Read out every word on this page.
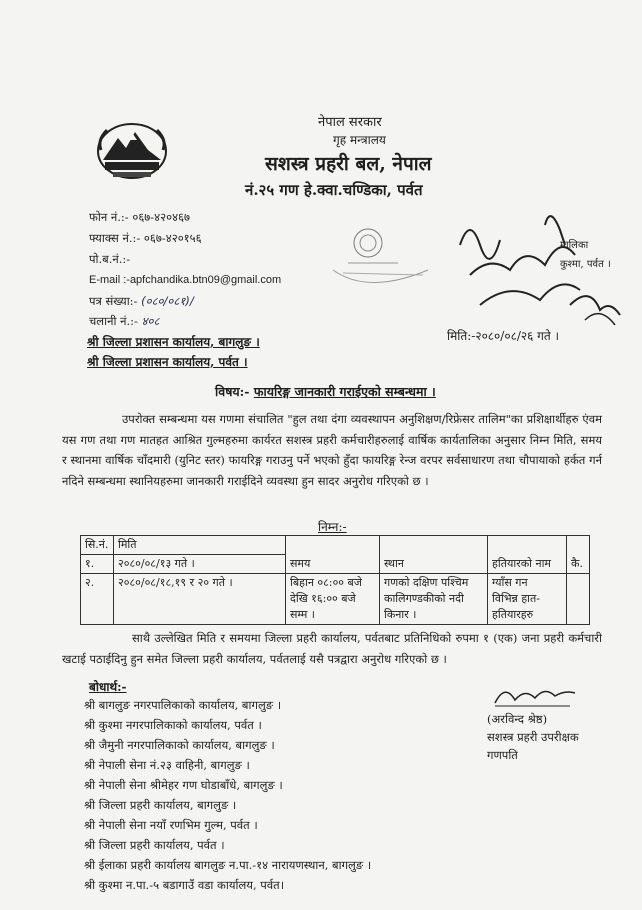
नेपाल सरकार
गृह मन्त्रालय
सशस्त्र प्रहरी बल, नेपाल
नं.२५ गण हे.क्वा.चण्डिका, पर्वत
फोन नं.:- ०६७-४२०४६७
फ्याक्स नं.:- ०६७-४२०१५६
पो.ब.नं.:-
E-mail :-apfchandika.btn09@gmail.com
पत्र संख्या:- (०८०/०८१)/
चलानी नं.:- ४०८
श्री जिल्ला प्रशासन कार्यालय, बागलुङ ।
श्री जिल्ला प्रशासन कार्यालय, पर्वत ।
मालिका
कुश्मा, पर्वत ।
मिति:-२०८०/०८/२६ गते ।
विषय:- फायरिङ्ग जानकारी गराईएको सम्बन्धमा ।
उपरोक्त सम्बन्धमा यस गणमा संचालित "हुल तथा दंगा व्यवस्थापन अनुशिक्षण/रिफ्रेसर तालिम"का प्रशिक्षार्थीहरु एंवम यस गण तथा गण मातहत आश्रित गुल्महरुमा कार्यरत सशस्त्र प्रहरी कर्मचारीहरुलाई वार्षिक कार्यतालिका अनुसार निम्न मिति, समय र स्थानमा वार्षिक चाँदमारी (युनिट स्तर) फायरिङ्ग गराउनु पर्ने भएको हुँदा फायरिङ्ग रेन्ज वरपर सर्वसाधारण तथा चौपायाको हर्कत गर्न नदिने सम्बन्धमा स्थानियहरुमा जानकारी गराईदिने व्यवस्था हुन सादर अनुरोध गरिएको छ ।
निम्न:-
सि.नं.	मिति	समय	स्थान	हतियारको नाम	कै.
१.	२०८०/०८/१३ गते ।				
२.	२०८०/०८/१८,१९ र २० गते ।	बिहान ०८:०० बजे देखि १६:०० बजे सम्म ।	गणको दक्षिण पश्चिम कालिगण्डकीको नदी किनार ।	ग्याँस गन
विभिन्न हात-हतियारहरु	

साथै उल्लेखित मिति र समयमा जिल्ला प्रहरी कार्यालय, पर्वतबाट प्रतिनिधिको रुपमा १ (एक) जना प्रहरी कर्मचारी खटाई पठाईदिनु हुन समेत जिल्ला प्रहरी कार्यालय, पर्वतलाई यसै पत्रद्वारा अनुरोध गरिएको छ ।
बोधार्थ:-
श्री बागलुङ नगरपालिकाको कार्यालय, बागलुङ ।
श्री कुश्मा नगरपालिकाको कार्यालय, पर्वत ।
श्री जैमुनी नगरपालिकाको कार्यालय, बागलुङ ।
श्री नेपाली सेना नं.२३ वाहिनी, बागलुङ ।
श्री नेपाली सेना श्रीमेहर गण घोडाबाँधे, बागलुङ ।
श्री जिल्ला प्रहरी कार्यालय, बागलुङ ।
श्री नेपाली सेना नयाँ रणभिम गुल्म, पर्वत ।
श्री जिल्ला प्रहरी कार्यालय, पर्वत ।
श्री ईलाका प्रहरी कार्यालय बागलुङ न.पा.-१४ नारायणस्थान, बागलुङ ।
श्री कुश्मा न.पा.-५ बडागाउँ वडा कार्यालय, पर्वत।
(अरविन्द श्रेष्ठ)
सशस्त्र प्रहरी उपरीक्षक
गणपति
